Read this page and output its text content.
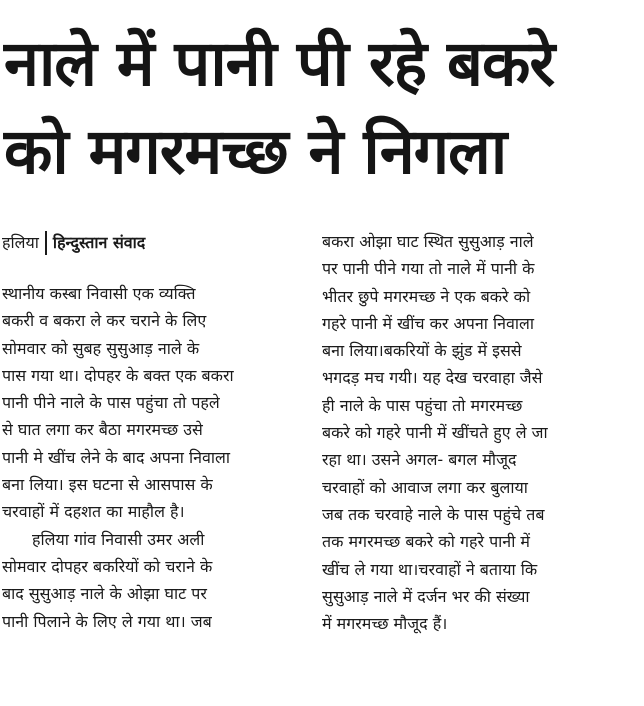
नाले में पानी पी रहे बकरे
को मगरमच्छ ने निगला
हलिया हिन्दुस्तान संवाद
स्थानीय कस्बा निवासी एक व्यक्ति
बकरी व बकरा ले कर चराने के लिए
सोमवार को सुबह सुसुआड़ नाले के
पास गया था। दोपहर के बक्त एक बकरा
पानी पीने नाले के पास पहुंचा तो पहले
से घात लगा कर बैठा मगरमच्छ उसे
पानी मे खींच लेने के बाद अपना निवाला
बना लिया। इस घटना से आसपास के
चरवाहों में दहशत का माहौल है।
हलिया गांव निवासी उमर अली
सोमवार दोपहर बकरियों को चराने के
बाद सुसुआड़ नाले के ओझा घाट पर
पानी पिलाने के लिए ले गया था। जब
बकरा ओझा घाट स्थित सुसुआड़ नाले
पर पानी पीने गया तो नाले में पानी के
भीतर छुपे मगरमच्छ ने एक बकरे को
गहरे पानी में खींच कर अपना निवाला
बना लिया।बकरियों के झुंड में इससे
भगदड़ मच गयी। यह देख चरवाहा जैसे
ही नाले के पास पहुंचा तो मगरमच्छ
बकरे को गहरे पानी में खींचते हुए ले जा
रहा था। उसने अगल- बगल मौजूद
चरवाहों को आवाज लगा कर बुलाया
जब तक चरवाहे नाले के पास पहुंचे तब
तक मगरमच्छ बकरे को गहरे पानी में
खींच ले गया था।चरवाहों ने बताया कि
सुसुआड़ नाले में दर्जन भर की संख्या
में मगरमच्छ मौजूद हैं।
